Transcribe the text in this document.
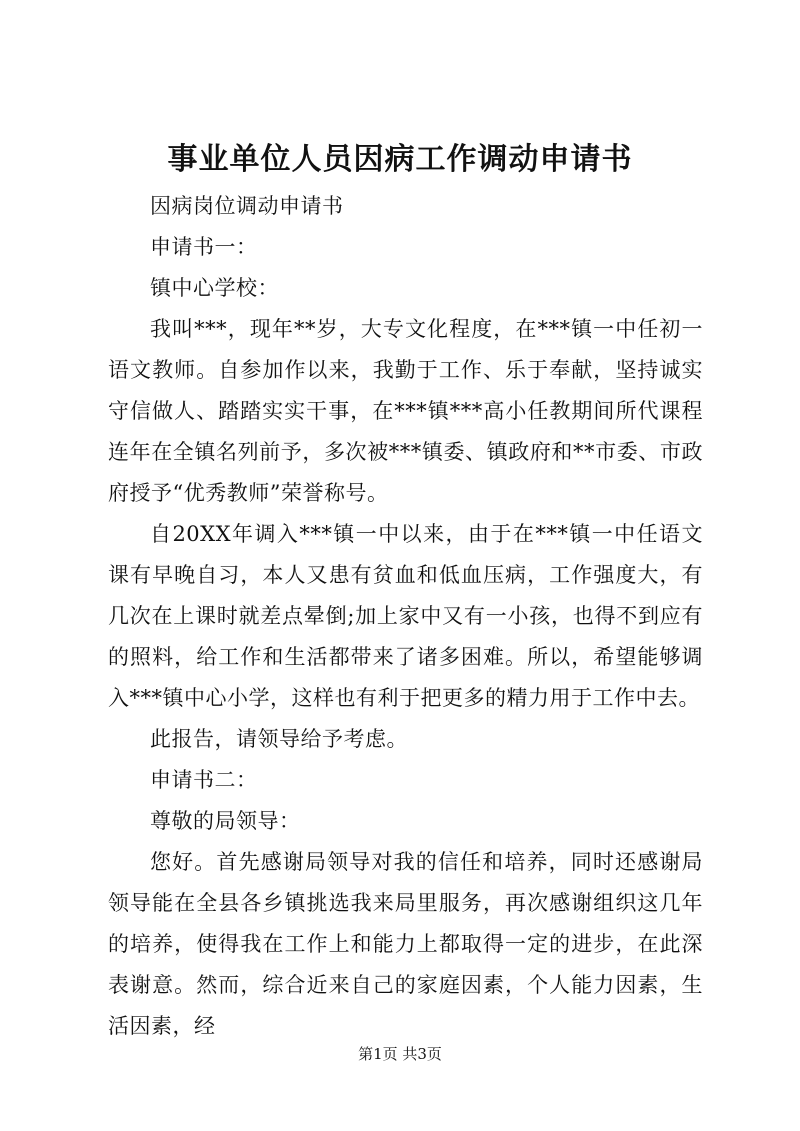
事业单位人员因病工作调动申请书

因病岗位调动申请书

申请书一：

镇中心学校：

我叫***，现年**岁，大专文化程度，在***镇一中任初一语文教师。自参加作以来，我勤于工作、乐于奉献，坚持诚实守信做人、踏踏实实干事，在***镇***高小任教期间所代课程连年在全镇名列前予，多次被***镇委、镇政府和**市委、市政府授予“优秀教师”荣誉称号。

自20XX年调入***镇一中以来，由于在***镇一中任语文课有早晚自习，本人又患有贫血和低血压病，工作强度大，有几次在上课时就差点晕倒;加上家中又有一小孩，也得不到应有的照料，给工作和生活都带来了诸多困难。所以，希望能够调入***镇中心小学，这样也有利于把更多的精力用于工作中去。

此报告，请领导给予考虑。

申请书二：

尊敬的局领导：

您好。首先感谢局领导对我的信任和培养，同时还感谢局领导能在全县各乡镇挑选我来局里服务，再次感谢组织这几年的培养，使得我在工作上和能力上都取得一定的进步，在此深表谢意。然而，综合近来自己的家庭因素，个人能力因素，生活因素，经

第1页 共3页
